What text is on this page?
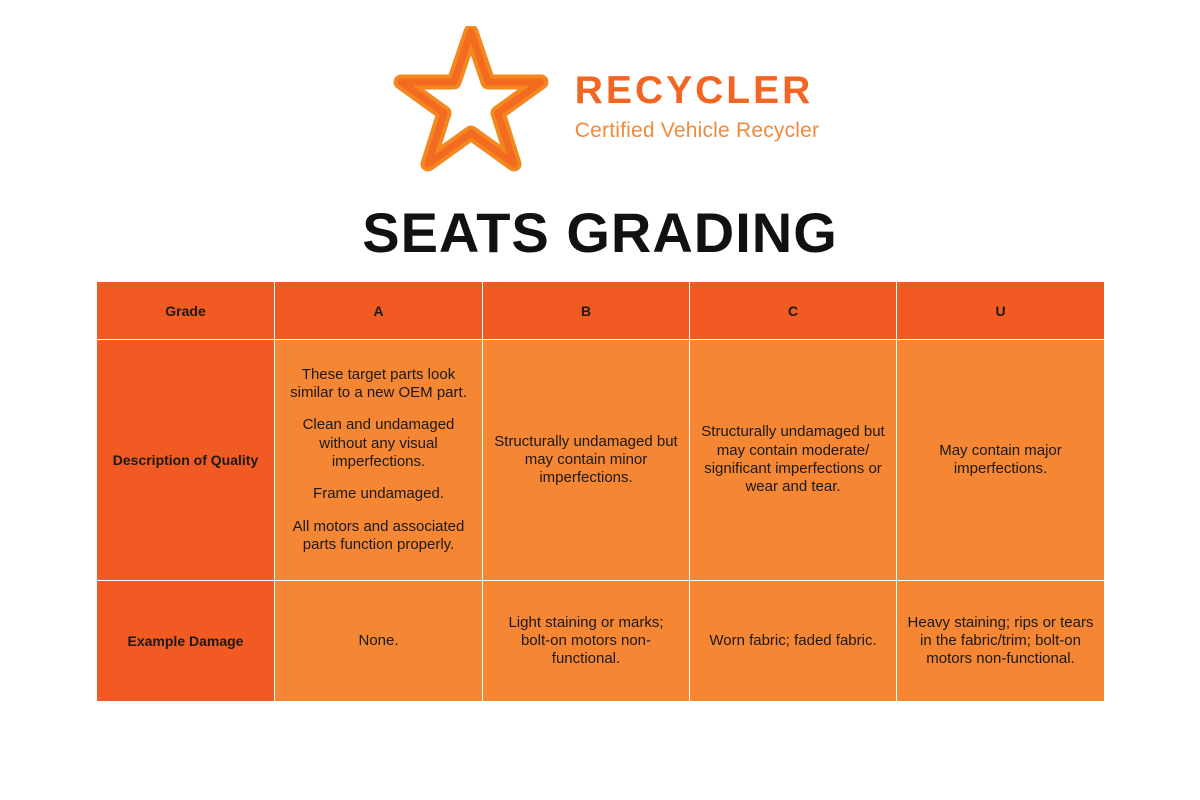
RECYCLER
Certified Vehicle Recycler
SEATS GRADING
Grade	A	B	C	U
Description of Quality	These target parts look similar to a new OEM part.

Clean and undamaged without any visual imperfections.

Frame undamaged.

All motors and associated parts function properly.	Structurally undamaged but may contain minor imperfections.	Structurally undamaged but may contain moderate/ significant imperfections or wear and tear.	May contain major imperfections.

Example Damage	None.	Light staining or marks; bolt-on motors non-functional.	Worn fabric; faded fabric.	Heavy staining; rips or tears in the fabric/trim; bolt-on motors non-functional.
